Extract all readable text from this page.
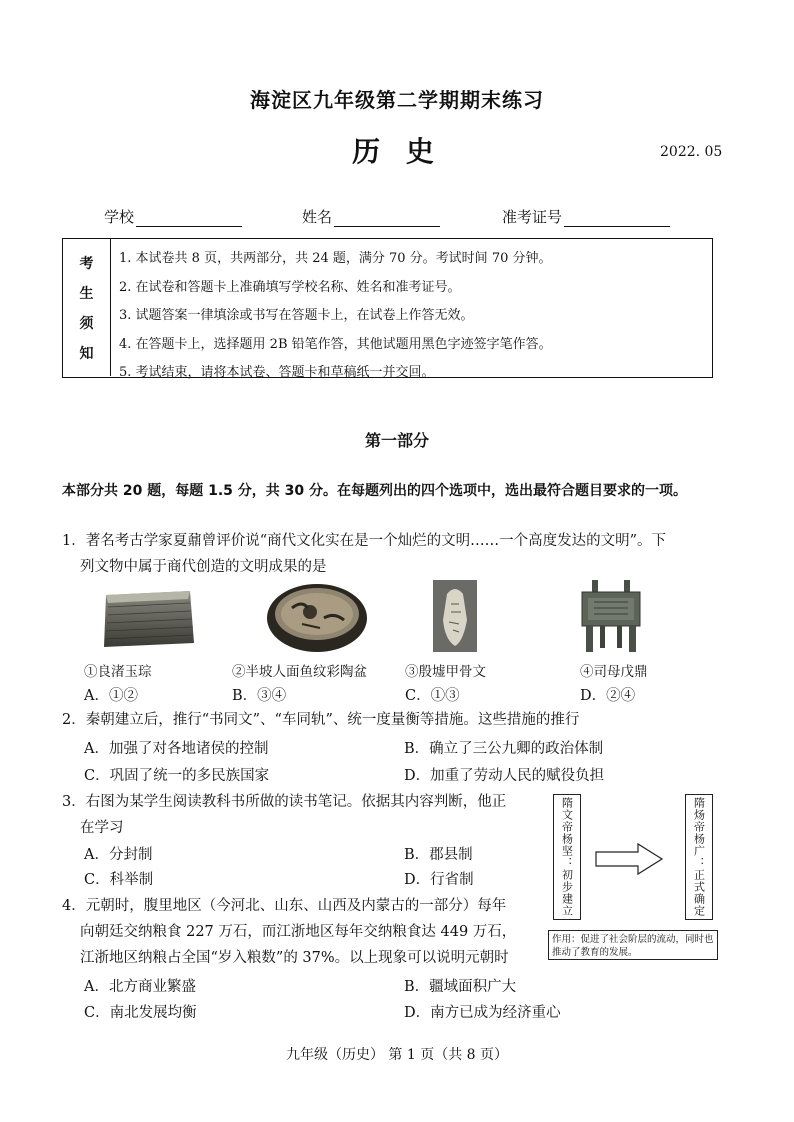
海淀区九年级第二学期期末练习
历 史	2022. 05
学校	姓名	准考证号
考
生
须
知
1. 本试卷共 8 页，共两部分，共 24 题，满分 70 分。考试时间 70 分钟。
2. 在试卷和答题卡上准确填写学校名称、姓名和准考证号。
3. 试题答案一律填涂或书写在答题卡上，在试卷上作答无效。
4. 在答题卡上，选择题用 2B 铅笔作答，其他试题用黑色字迹签字笔作答。
5. 考试结束，请将本试卷、答题卡和草稿纸一并交回。
第一部分
本部分共 20 题，每题 1.5 分，共 30 分。在每题列出的四个选项中，选出最符合题目要求的一项。
1．著名考古学家夏鼐曾评价说“商代文化实在是一个灿烂的文明……一个高度发达的文明”。下
列文物中属于商代创造的文明成果的是
①良渚玉琮	②半坡人面鱼纹彩陶盆	③殷墟甲骨文	④司母戊鼎
A．①②	B．③④	C．①③	D．②④
2．秦朝建立后，推行“书同文”、“车同轨”、统一度量衡等措施。这些措施的推行
A．加强了对各地诸侯的控制	B．确立了三公九卿的政治体制
C．巩固了统一的多民族国家	D．加重了劳动人民的赋役负担
3．右图为某学生阅读教科书所做的读书笔记。依据其内容判断，他正
在学习
A．分封制	B．郡县制
C．科举制	D．行省制	隋文帝杨坚：初步建立	隋炀帝杨广：正式确定
作用：促进了社会阶层的流动，同时也推动了教育的发展。
4．元朝时，腹里地区（今河北、山东、山西及内蒙古的一部分）每年
向朝廷交纳粮食 227 万石，而江浙地区每年交纳粮食达 449 万石，
江浙地区纳粮占全国“岁入粮数”的 37%。以上现象可以说明元朝时
A．北方商业繁盛	B．疆域面积广大
C．南北发展均衡	D．南方已成为经济重心
九年级（历史） 第 1 页（共 8 页）
